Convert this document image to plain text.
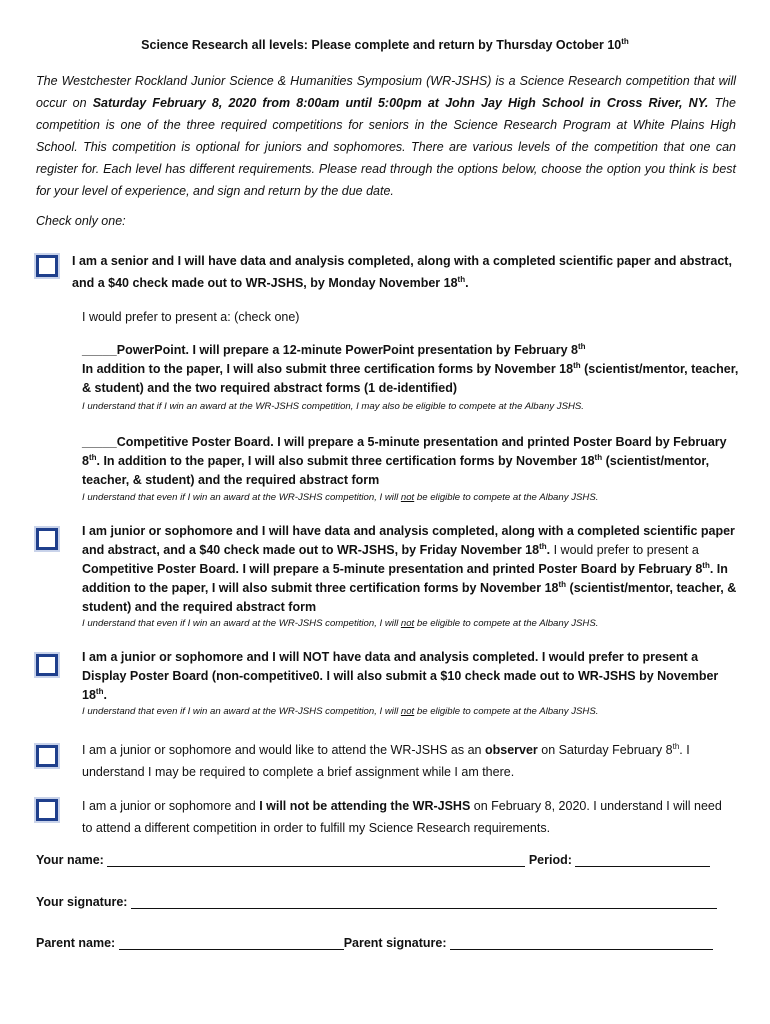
Science Research all levels: Please complete and return by Thursday October 10th
The Westchester Rockland Junior Science & Humanities Symposium (WR-JSHS) is a Science Research competition that will occur on Saturday February 8, 2020 from 8:00am until 5:00pm at John Jay High School in Cross River, NY. The competition is one of the three required competitions for seniors in the Science Research Program at White Plains High School. This competition is optional for juniors and sophomores. There are various levels of the competition that one can register for. Each level has different requirements. Please read through the options below, choose the option you think is best for your level of experience, and sign and return by the due date.
Check only one:
I am a senior and I will have data and analysis completed, along with a completed scientific paper and abstract, and a $40 check made out to WR-JSHS, by Monday November 18th.
I would prefer to present a: (check one)
_____PowerPoint. I will prepare a 12-minute PowerPoint presentation by February 8th
In addition to the paper, I will also submit three certification forms by November 18th (scientist/mentor, teacher, & student) and the two required abstract forms (1 de-identified)
I understand that if I win an award at the WR-JSHS competition, I may also be eligible to compete at the Albany JSHS.
_____Competitive Poster Board. I will prepare a 5-minute presentation and printed Poster Board by February 8th. In addition to the paper, I will also submit three certification forms by November 18th (scientist/mentor, teacher, & student) and the required abstract form
I understand that even if I win an award at the WR-JSHS competition, I will not be eligible to compete at the Albany JSHS.
I am junior or sophomore and I will have data and analysis completed, along with a completed scientific paper and abstract, and a $40 check made out to WR-JSHS, by Friday November 18th. I would prefer to present a Competitive Poster Board. I will prepare a 5-minute presentation and printed Poster Board by February 8th. In addition to the paper, I will also submit three certification forms by November 18th (scientist/mentor, teacher, & student) and the required abstract form
I understand that even if I win an award at the WR-JSHS competition, I will not be eligible to compete at the Albany JSHS.
I am a junior or sophomore and I will NOT have data and analysis completed. I would prefer to present a Display Poster Board (non-competitive0. I will also submit a $10 check made out to WR-JSHS by November 18th.
I understand that even if I win an award at the WR-JSHS competition, I will not be eligible to compete at the Albany JSHS.
I am a junior or sophomore and would like to attend the WR-JSHS as an observer on Saturday February 8th. I understand I may be required to complete a brief assignment while I am there.
I am a junior or sophomore and I will not be attending the WR-JSHS on February 8, 2020. I understand I will need to attend a different competition in order to fulfill my Science Research requirements.
Your name:	Period:
Your signature:
Parent name:	Parent signature:
